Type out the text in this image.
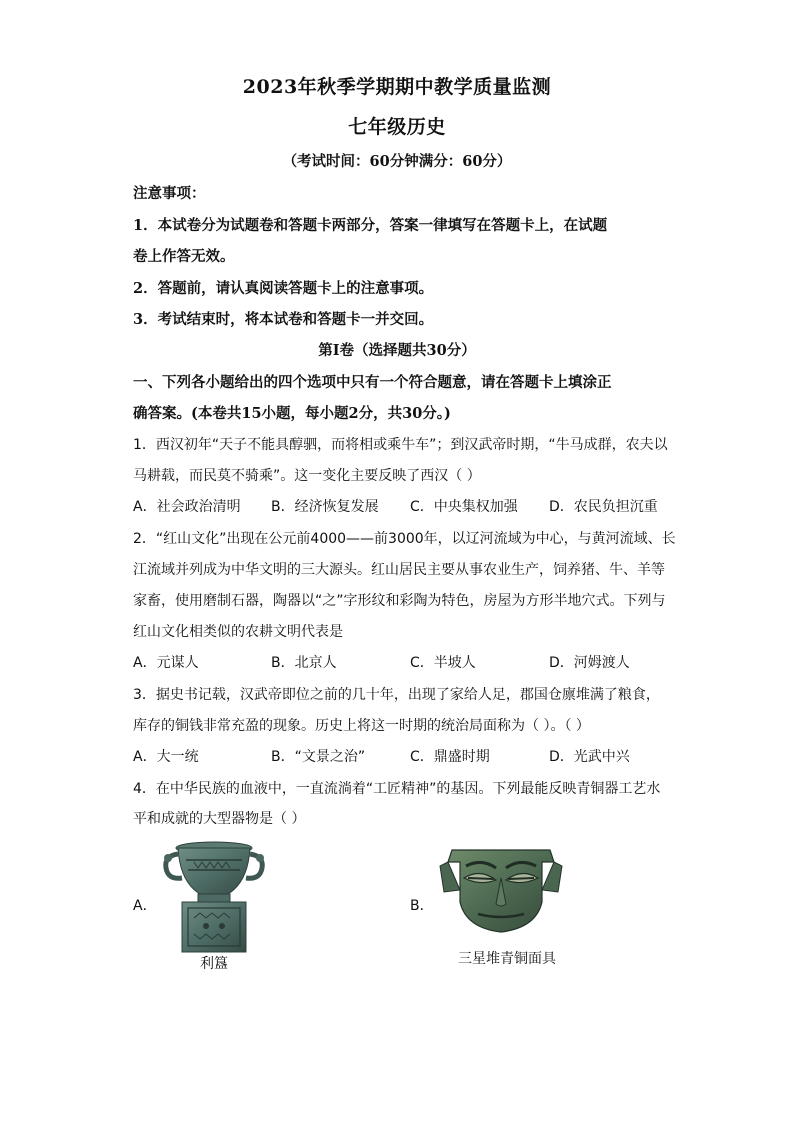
2023年秋季学期期中教学质量监测
七年级历史
（考试时间：60分钟满分：60分）
注意事项：
1．本试卷分为试题卷和答题卡两部分，答案一律填写在答题卡上，在试题
卷上作答无效。
2．答题前，请认真阅读答题卡上的注意事项。
3．考试结束时，将本试卷和答题卡一并交回。
第I卷（选择题共30分）
一、下列各小题给出的四个选项中只有一个符合题意，请在答题卡上填涂正
确答案。(本卷共15小题，每小题2分，共30分。)
1．西汉初年“天子不能具醇驷，而将相或乘牛车”；到汉武帝时期，“牛马成群，农夫以
马耕载，而民莫不骑乘”。这一变化主要反映了西汉（ ）
A．社会政治清明 B．经济恢复发展 C．中央集权加强 D．农民负担沉重
2．“红山文化”出现在公元前4000——前3000年，以辽河流域为中心，与黄河流域、长
江流域并列成为中华文明的三大源头。红山居民主要从事农业生产，饲养猪、牛、羊等
家畜，使用磨制石器，陶器以“之”字形纹和彩陶为特色，房屋为方形半地穴式。下列与
红山文化相类似的农耕文明代表是
A．元谋人	B．北京人	C．半坡人	D．河姆渡人
3．据史书记载，汉武帝即位之前的几十年，出现了家给人足，郡国仓廪堆满了粮食，
库存的铜钱非常充盈的现象。历史上将这一时期的统治局面称为（ ）。（ ）
A．大一统	B．“文景之治”	C．鼎盛时期	D．光武中兴
4．在中华民族的血液中，一直流淌着“工匠精神”的基因。下列最能反映青铜器工艺水
平和成就的大型器物是（ ）
A．
利簋
B．
三星堆青铜面具
